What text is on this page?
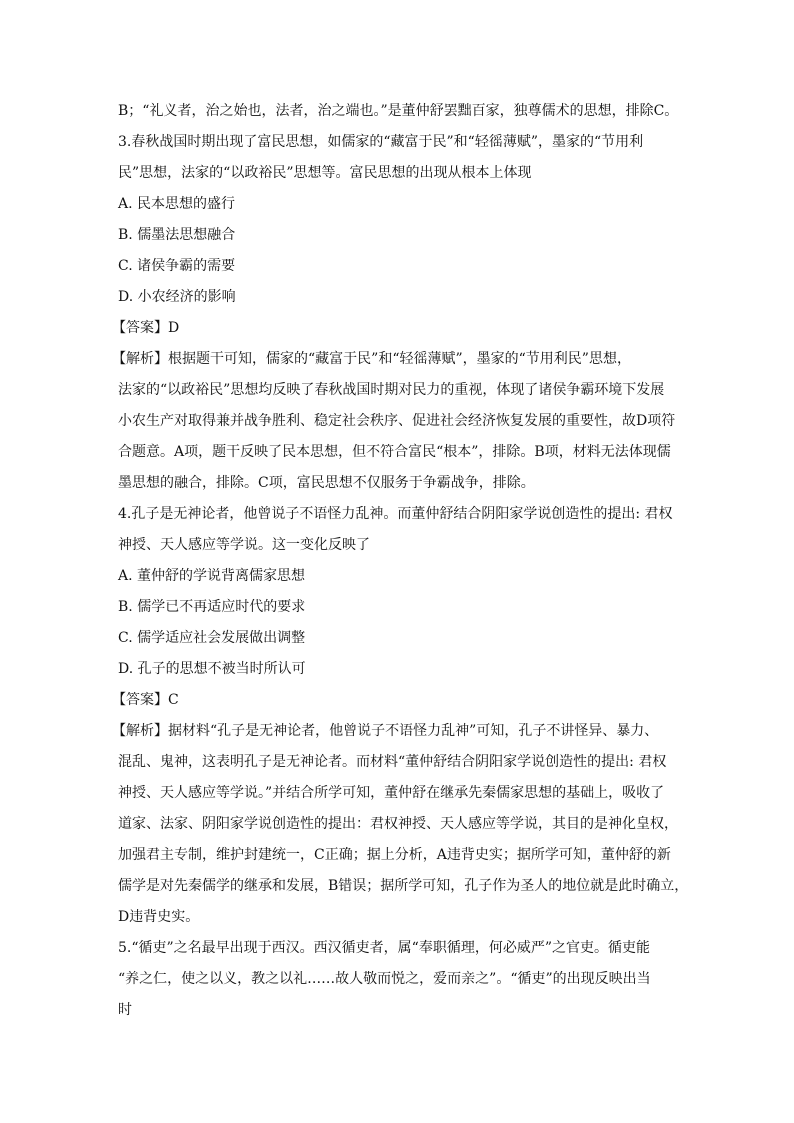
B；“礼义者，治之始也，法者，治之端也。”是董仲舒罢黜百家，独尊儒术的思想，排除C。
3.春秋战国时期出现了富民思想，如儒家的“藏富于民”和“轻徭薄赋”，墨家的“节用利
民”思想，法家的“以政裕民”思想等。富民思想的出现从根本上体现
A. 民本思想的盛行
B. 儒墨法思想融合
C. 诸侯争霸的需要
D. 小农经济的影响
【答案】D
【解析】根据题干可知，儒家的“藏富于民”和“轻徭薄赋”，墨家的“节用利民”思想，
法家的“以政裕民”思想均反映了春秋战国时期对民力的重视，体现了诸侯争霸环境下发展
小农生产对取得兼并战争胜利、稳定社会秩序、促进社会经济恢复发展的重要性，故D项符
合题意。A项，题干反映了民本思想，但不符合富民“根本”，排除。B项，材料无法体现儒
墨思想的融合，排除。C项，富民思想不仅服务于争霸战争，排除。
4.孔子是无神论者，他曾说子不语怪力乱神。而董仲舒结合阴阳家学说创造性的提出: 君权
神授、天人感应等学说。这一变化反映了
A. 董仲舒的学说背离儒家思想
B. 儒学已不再适应时代的要求
C. 儒学适应社会发展做出调整
D. 孔子的思想不被当时所认可
【答案】C
【解析】据材料“孔子是无神论者，他曾说子不语怪力乱神”可知，孔子不讲怪异、暴力、
混乱、鬼神，这表明孔子是无神论者。而材料“董仲舒结合阴阳家学说创造性的提出: 君权
神授、天人感应等学说。”并结合所学可知，董仲舒在继承先秦儒家思想的基础上，吸收了
道家、法家、阴阳家学说创造性的提出：君权神授、天人感应等学说，其目的是神化皇权，
加强君主专制，维护封建统一，C正确；据上分析，A违背史实；据所学可知，董仲舒的新
儒学是对先秦儒学的继承和发展，B错误；据所学可知，孔子作为圣人的地位就是此时确立，
D违背史实。
5.“循吏”之名最早出现于西汉。西汉循吏者，属“奉职循理，何必威严”之官吏。循吏能
“养之仁，使之以义，教之以礼……故人敬而悦之，爱而亲之”。“循吏”的出现反映出当
时
